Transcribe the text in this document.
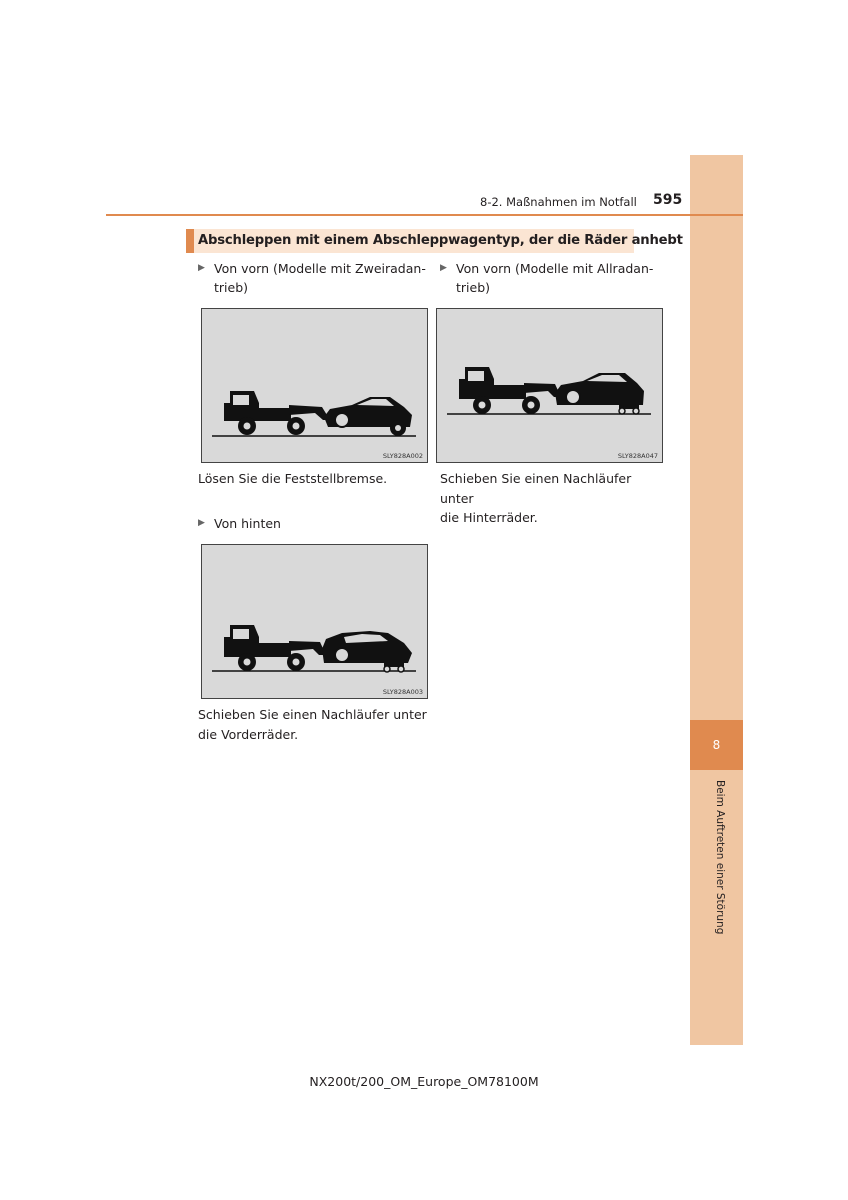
8
Beim Auftreten einer Störung
8-2. Maßnahmen im Notfall 595
Abschleppen mit einem Abschleppwagentyp, der die Räder anhebt
▶ Von vorn (Modelle mit Zweiradan-
trieb)
SLY828A002
Lösen Sie die Feststellbremse.
▶ Von vorn (Modelle mit Allradan-
trieb)
SLY828A047
Schieben Sie einen Nachläufer unter
die Hinterräder.
▶ Von hinten
SLY828A003
Schieben Sie einen Nachläufer unter
die Vorderräder.
NX200t/200_OM_Europe_OM78100M
